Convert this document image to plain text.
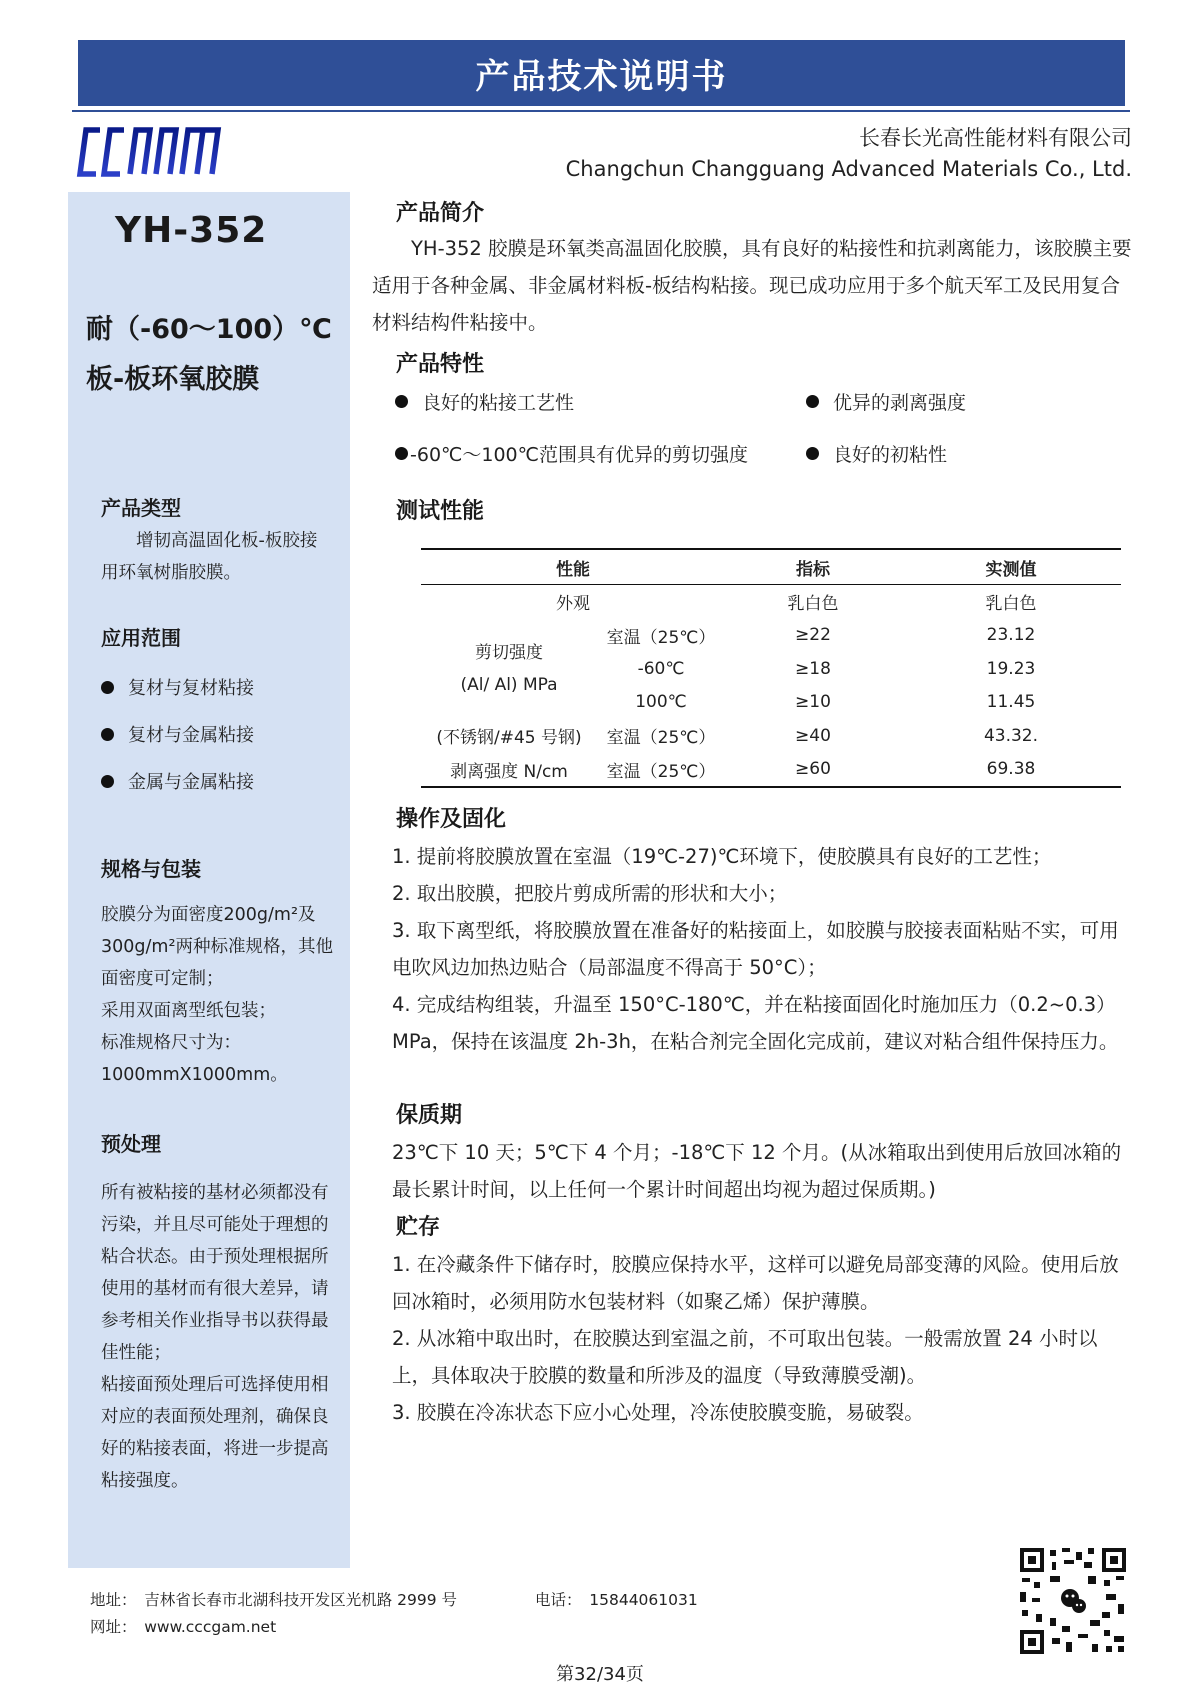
产品技术说明书
长春长光高性能材料有限公司
Changchun Changguang Advanced Materials Co., Ltd.
YH-352
耐（-60～100）℃
板-板环氧胶膜
产品类型
　　增韧高温固化板-板胶接用环氧树脂胶膜。
应用范围
复材与复材粘接
复材与金属粘接
金属与金属粘接
规格与包装
胶膜分为面密度200g/m²及300g/m²两种标准规格，其他面密度可定制；
采用双面离型纸包装；
标准规格尺寸为：1000mmX1000mm。
预处理
所有被粘接的基材必须都没有污染，并且尽可能处于理想的粘合状态。由于预处理根据所使用的基材而有很大差异，请参考相关作业指导书以获得最佳性能；
粘接面预处理后可选择使用相对应的表面预处理剂，确保良好的粘接表面，将进一步提高粘接强度。
产品简介
　　YH-352 胶膜是环氧类高温固化胶膜，具有良好的粘接性和抗剥离能力，该胶膜主要适用于各种金属、非金属材料板-板结构粘接。现已成功应用于多个航天军工及民用复合材料结构件粘接中。
产品特性
良好的粘接工艺性	优异的剥离强度
-60℃～100℃范围具有优异的剪切强度	良好的初粘性
测试性能
性能		指标	实测值
外观		乳白色	乳白色

剪切强度
(Al/ Al) MPa	室温（25℃）	≥22	23.12
	-60℃	≥18	19.23
	100℃	≥10	11.45
(不锈钢/#45 号钢)	室温（25℃）	≥40	43.32.
剥离强度 N/cm	室温（25℃）	≥60	69.38
操作及固化
1. 提前将胶膜放置在室温（19℃-27)℃环境下，使胶膜具有良好的工艺性；
2. 取出胶膜，把胶片剪成所需的形状和大小；
3. 取下离型纸，将胶膜放置在准备好的粘接面上，如胶膜与胶接表面粘贴不实，可用电吹风边加热边贴合（局部温度不得高于 50°C）；
4. 完成结构组装，升温至 150°C-180℃，并在粘接面固化时施加压力（0.2~0.3）MPa，保持在该温度 2h-3h，在粘合剂完全固化完成前，建议对粘合组件保持压力。
保质期
23℃下 10 天；5℃下 4 个月；-18℃下 12 个月。(从冰箱取出到使用后放回冰箱的最长累计时间，以上任何一个累计时间超出均视为超过保质期。)
贮存
1. 在冷藏条件下储存时，胶膜应保持水平，这样可以避免局部变薄的风险。使用后放回冰箱时，必须用防水包装材料（如聚乙烯）保护薄膜。
2. 从冰箱中取出时，在胶膜达到室温之前，不可取出包装。一般需放置 24 小时以上，具体取决于胶膜的数量和所涉及的温度（导致薄膜受潮)。
3. 胶膜在冷冻状态下应小心处理，冷冻使胶膜变脆，易破裂。
地址：　吉林省长春市北湖科技开发区光机路 2999 号	电话：　15844061031
网址：　www.cccgam.net
第32/34页
